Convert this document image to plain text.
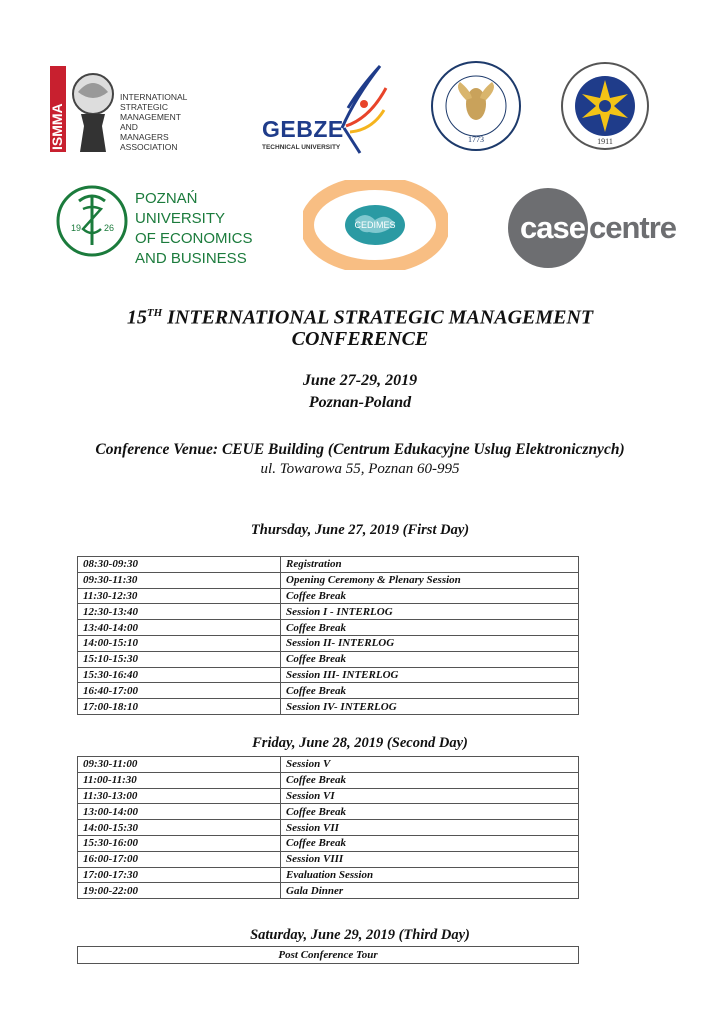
ISMMA
INTERNATIONAL
STRATEGIC
MANAGEMENT
AND MANAGERS
ASSOCIATION
GEBZE
TECHNICAL UNIVERSITY
1773	1911
19	26
POZNAŃ UNIVERSITY
OF ECONOMICS
AND BUSINESS
CEDIMES	case centre
15TH INTERNATIONAL STRATEGIC MANAGEMENT
CONFERENCE
June 27-29, 2019
Poznan-Poland
Conference Venue: CEUE Building (Centrum Edukacyjne Uslug Elektronicznych)
ul. Towarowa 55, Poznan 60-995
Thursday, June 27, 2019 (First Day)
08:30-09:30	Registration
09:30-11:30	Opening Ceremony & Plenary Session
11:30-12:30	Coffee Break
12:30-13:40	Session I - INTERLOG
13:40-14:00	Coffee Break
14:00-15:10	Session II- INTERLOG
15:10-15:30	Coffee Break
15:30-16:40	Session III- INTERLOG
16:40-17:00	Coffee Break
17:00-18:10	Session IV- INTERLOG
Friday, June 28, 2019 (Second Day)
09:30-11:00	Session V
11:00-11:30	Coffee Break
11:30-13:00	Session VI
13:00-14:00	Coffee Break
14:00-15:30	Session VII
15:30-16:00	Coffee Break
16:00-17:00	Session VIII
17:00-17:30	Evaluation Session
19:00-22:00	Gala Dinner
Saturday, June 29, 2019 (Third Day)
Post Conference Tour
